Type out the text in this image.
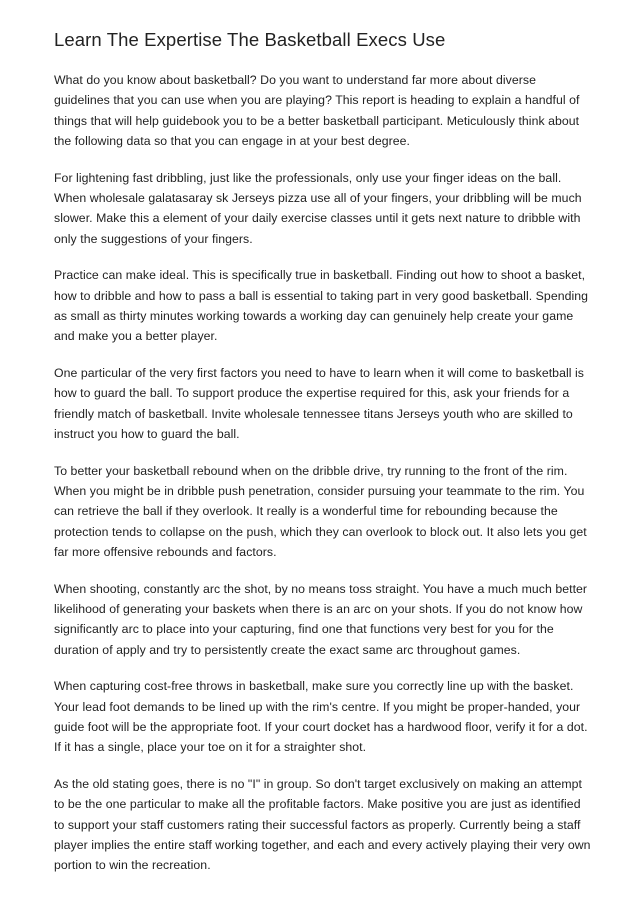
Learn The Expertise The Basketball Execs Use

What do you know about basketball? Do you want to understand far more about diverse guidelines that you can use when you are playing? This report is heading to explain a handful of things that will help guidebook you to be a better basketball participant. Meticulously think about the following data so that you can engage in at your best degree.

For lightening fast dribbling, just like the professionals, only use your finger ideas on the ball. When wholesale galatasaray sk Jerseys pizza use all of your fingers, your dribbling will be much slower. Make this a element of your daily exercise classes until it gets next nature to dribble with only the suggestions of your fingers.

Practice can make ideal. This is specifically true in basketball. Finding out how to shoot a basket, how to dribble and how to pass a ball is essential to taking part in very good basketball. Spending as small as thirty minutes working towards a working day can genuinely help create your game and make you a better player.

One particular of the very first factors you need to have to learn when it will come to basketball is how to guard the ball. To support produce the expertise required for this, ask your friends for a friendly match of basketball. Invite wholesale tennessee titans Jerseys youth who are skilled to instruct you how to guard the ball.

To better your basketball rebound when on the dribble drive, try running to the front of the rim. When you might be in dribble push penetration, consider pursuing your teammate to the rim. You can retrieve the ball if they overlook. It really is a wonderful time for rebounding because the protection tends to collapse on the push, which they can overlook to block out. It also lets you get far more offensive rebounds and factors.

When shooting, constantly arc the shot, by no means toss straight. You have a much much better likelihood of generating your baskets when there is an arc on your shots. If you do not know how significantly arc to place into your capturing, find one that functions very best for you for the duration of apply and try to persistently create the exact same arc throughout games.

When capturing cost-free throws in basketball, make sure you correctly line up with the basket. Your lead foot demands to be lined up with the rim's centre. If you might be proper-handed, your guide foot will be the appropriate foot. If your court docket has a hardwood floor, verify it for a dot. If it has a single, place your toe on it for a straighter shot.

As the old stating goes, there is no "I" in group. So don't target exclusively on making an attempt to be the one particular to make all the profitable factors. Make positive you are just as identified to support your staff customers rating their successful factors as properly. Currently being a staff player implies the entire staff working together, and each and every actively playing their very own portion to win the recreation.
